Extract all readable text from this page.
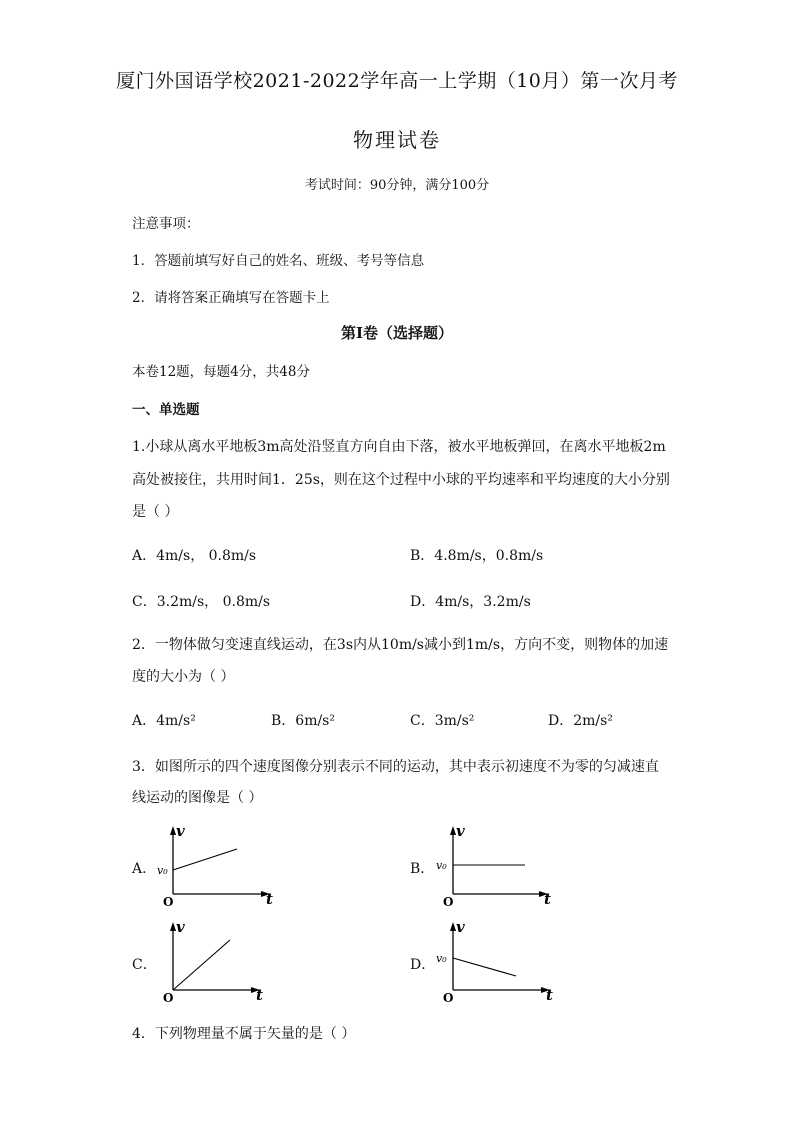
厦门外国语学校2021-2022学年高一上学期（10月）第一次月考
物理试卷
考试时间：90分钟，满分100分
注意事项：
1．答题前填写好自己的姓名、班级、考号等信息
2．请将答案正确填写在答题卡上
第I卷（选择题）
本卷12题，每题4分，共48分
一、单选题
1.小球从离水平地板3m高处沿竖直方向自由下落，被水平地板弹回，在离水平地板2m
高处被接住，共用时间1．25s，则在这个过程中小球的平均速率和平均速度的大小分别
是（ ）
A．4m/s， 0.8m/s	B．4.8m/s，0.8m/s
C．3.2m/s， 0.8m/s	D．4m/s，3.2m/s
2．一物体做匀变速直线运动，在3s内从10m/s减小到1m/s，方向不变，则物体的加速
度的大小为（ ）
A．4m/s²	B．6m/s²	C．3m/s²	D．2m/s²
3．如图所示的四个速度图像分别表示不同的运动，其中表示初速度不为零的匀减速直
线运动的图像是（ ）
A．
v
t
O
v₀	B．
v
t
O
v₀
C．
v
t
O
D．
v
t
O
v₀
4．下列物理量不属于矢量的是（ ）
